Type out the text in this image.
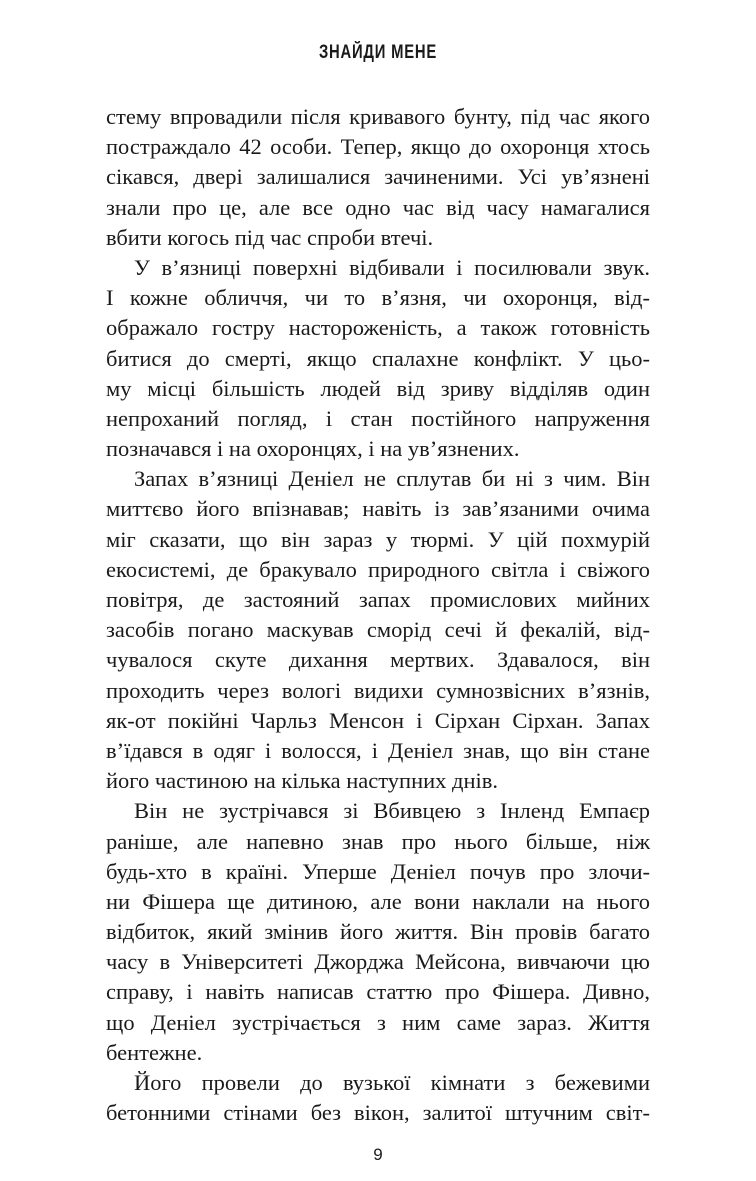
ЗНАЙДИ МЕНЕ
стему впровадили після кривавого бунту, під час якого
постраждало 42 особи. Тепер, якщо до охоронця хтось
сікався, двері залишалися зачиненими. Усі ув’язнені
знали про це, але все одно час від часу намагалися
вбити когось під час спроби втечі.
У в’язниці поверхні відбивали і посилювали звук.
І кожне обличчя, чи то в’язня, чи охоронця, від-
ображало гостру настороженість, а також готовність
битися до смерті, якщо спалахне конфлікт. У цьо-
му місці більшість людей від зриву відділяв один
непроханий погляд, і стан постійного напруження
позначався і на охоронцях, і на ув’язнених.
Запах в’язниці Деніел не сплутав би ні з чим. Він
миттєво його впізнавав; навіть із зав’язаними очима
міг сказати, що він зараз у тюрмі. У цій похмурій
екосистемі, де бракувало природного світла і свіжого
повітря, де застояний запах промислових мийних
засобів погано маскував сморід сечі й фекалій, від-
чувалося скуте дихання мертвих. Здавалося, він
проходить через вологі видихи сумнозвісних в’язнів,
як-от покійні Чарльз Менсон і Сірхан Сірхан. Запах
в’їдався в одяг і волосся, і Деніел знав, що він стане
його частиною на кілька наступних днів.
Він не зустрічався зі Вбивцею з Інленд Емпаєр
раніше, але напевно знав про нього більше, ніж
будь-хто в країні. Уперше Деніел почув про злочи-
ни Фішера ще дитиною, але вони наклали на нього
відбиток, який змінив його життя. Він провів багато
часу в Університеті Джорджа Мейсона, вивчаючи цю
справу, і навіть написав статтю про Фішера. Дивно,
що Деніел зустрічається з ним саме зараз. Життя
бентежне.
Його провели до вузької кімнати з бежевими
бетонними стінами без вікон, залитої штучним світ-
9
